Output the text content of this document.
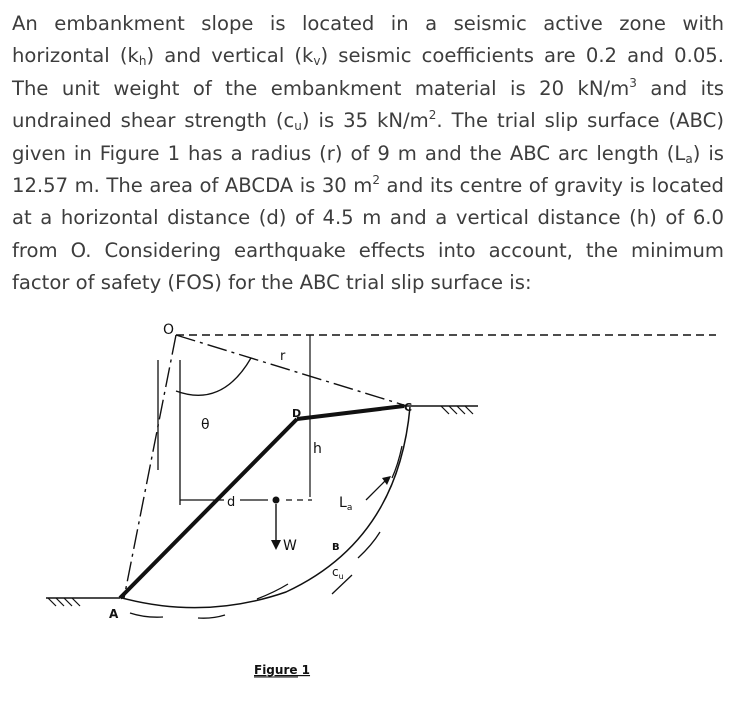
An embankment slope is located in a seismic active zone with horizontal $(k_h)$ and vertical $(k_v)$ seismic coefficients are 0.2 and 0.05. The unit weight of the embankment material is 20 $kN/m^3$ and its undrained shear strength $(c_u)$ is 35 $kN/m^2$. The trial slip surface (ABC) given in Figure 1 has a radius (r) of 9 m and the ABC arc length $(L_a)$ is 12.57 m. The area of ABCDA is 30 $m^2$ and its centre of gravity is located at a horizontal distance (d) of 4.5 m and a vertical distance (h) of 6.0 from O. Considering earthquake effects into account, the minimum factor of safety (FOS) for the ABC trial slip surface is:
O
r
θ
D	C
h
d
W	B
$L_a$
$c_u$
A
Figure 1
